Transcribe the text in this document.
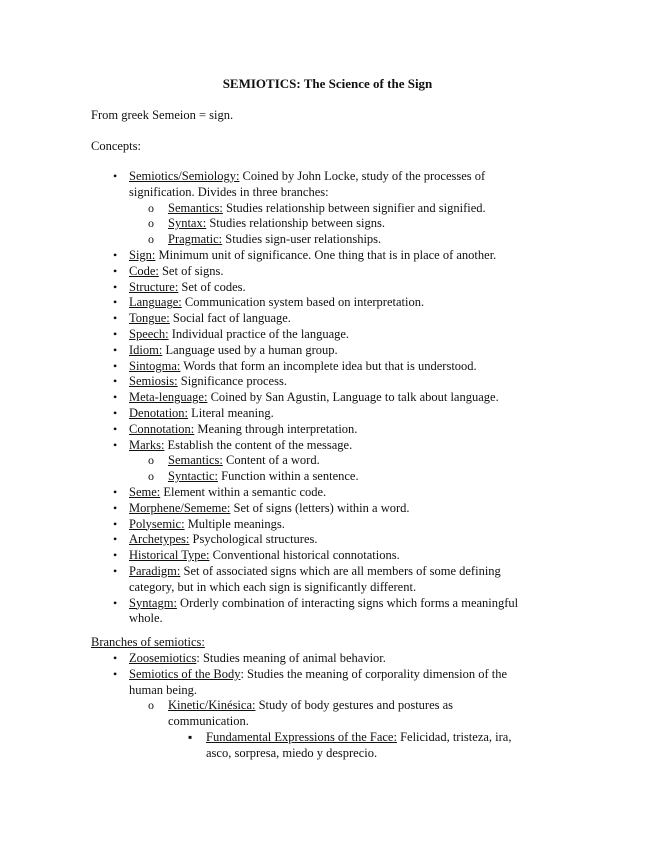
SEMIOTICS: The Science of the Sign
From greek Semeion = sign.
Concepts:
• Semiotics/Semiology: Coined by John Locke, study of the processes of
signification. Divides in three branches:
o Semantics: Studies relationship between signifier and signified.
o Syntax: Studies relationship between signs.
o Pragmatic: Studies sign-user relationships.
• Sign: Minimum unit of significance. One thing that is in place of another.
• Code: Set of signs.
• Structure: Set of codes.
• Language: Communication system based on interpretation.
• Tongue: Social fact of language.
• Speech: Individual practice of the language.
• Idiom: Language used by a human group.
• Sintogma: Words that form an incomplete idea but that is understood.
• Semiosis: Significance process.
• Meta-lenguage: Coined by San Agustin, Language to talk about language.
• Denotation: Literal meaning.
• Connotation: Meaning through interpretation.
• Marks: Establish the content of the message.
o Semantics: Content of a word.
o Syntactic: Function within a sentence.
• Seme: Element within a semantic code.
• Morphene/Sememe: Set of signs (letters) within a word.
• Polysemic: Multiple meanings.
• Archetypes: Psychological structures.
• Historical Type: Conventional historical connotations.
• Paradigm: Set of associated signs which are all members of some defining
category, but in which each sign is significantly different.
• Syntagm: Orderly combination of interacting signs which forms a meaningful
whole.
Branches of semiotics:
• Zoosemiotics: Studies meaning of animal behavior.
• Semiotics of the Body: Studies the meaning of corporality dimension of the
human being.
o Kinetic/Kinésica: Study of body gestures and postures as
communication.
▪ Fundamental Expressions of the Face: Felicidad, tristeza, ira,
asco, sorpresa, miedo y desprecio.
